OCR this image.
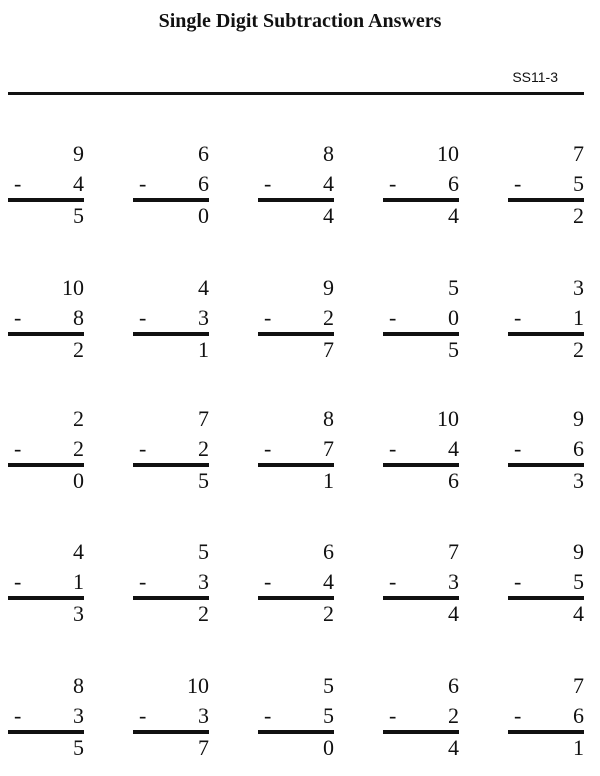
Single Digit Subtraction Answers
SS11-3
9
- 4
5
6
- 6
0
8
- 4
4
10
- 6
4
7
- 5
2
10
- 8
2
4
- 3
1
9
- 2
7
5
- 0
5
3
- 1
2
2
- 2
0
7
- 2
5
8
- 7
1
10
- 4
6
9
- 6
3
4
- 1
3
5
- 3
2
6
- 4
2
7
- 3
4
9
- 5
4
8
- 3
5
10
- 3
7
5
- 5
0
6
- 2
4
7
- 6
1
